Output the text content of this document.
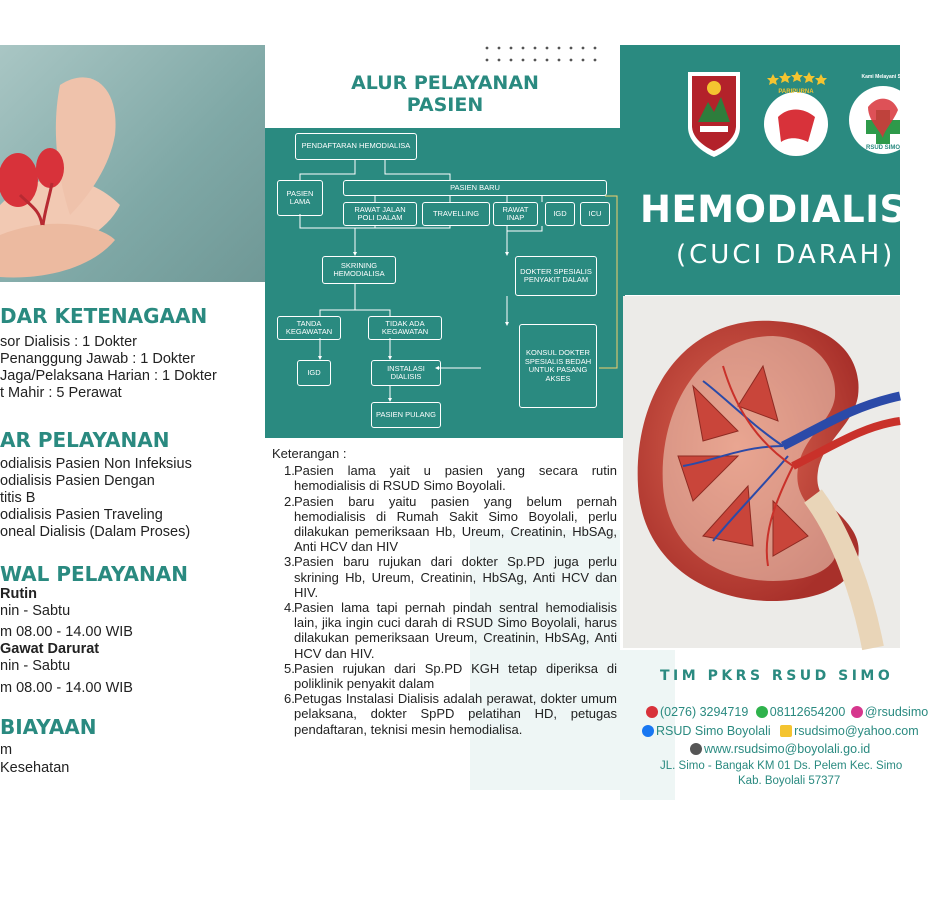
DAR KETENAGAAN
sor Dialisis : 1 Dokter
Penanggung Jawab : 1 Dokter
Jaga/Pelaksana Harian : 1 Dokter
t Mahir : 5 Perawat
AR PELAYANAN
odialisis Pasien Non Infeksius
odialisis Pasien Dengan
titis B
odialisis Pasien Traveling
oneal Dialisis (Dalam Proses)
WAL PELAYANAN
Rutin
nin - Sabtu
m 08.00 - 14.00 WIB
Gawat Darurat
nin - Sabtu
m 08.00 - 14.00 WIB
BIAYAAN
m
Kesehatan
ALUR PELAYANAN
PASIEN
PENDAFTARAN HEMODIALISA
PASIEN LAMA
PASIEN BARU
RAWAT JALAN POLI DALAM	TRAVELLING	RAWAT INAP	IGD	ICU
SKRINING HEMODIALISA	DOKTER SPESIALIS PENYAKIT DALAM
TANDA KEGAWATAN
TIDAK ADA KEGAWATAN
KONSUL DOKTER SPESIALIS BEDAH UNTUK PASANG AKSES
IGD	INSTALASI DIALISIS
PASIEN PULANG
Keterangan :
1. Pasien lama yait u pasien yang secara rutin hemodialisis di RSUD Simo Boyolali.
2. Pasien baru yaitu pasien yang belum pernah hemodialisis di Rumah Sakit Simo Boyolali, perlu dilakukan pemeriksaan Hb, Ureum, Creatinin, HbSAg, Anti HCV dan HIV
3. Pasien baru rujukan dari dokter Sp.PD juga perlu skrining Hb, Ureum, Creatinin, HbSAg, Anti HCV dan HIV.
4. Pasien lama tapi pernah pindah sentral hemodialisis lain, jika ingin cuci darah di RSUD Simo Boyolali, harus dilakukan pemeriksaan Ureum, Creatinin, HbSAg, Anti HCV dan HIV.
5. Pasien rujukan dari Sp.PD KGH tetap diperiksa di poliklinik penyakit dalam
6. Petugas Instalasi Dialisis adalah perawat, dokter umum pelaksana, dokter SpPD pelatihan HD, petugas pendaftaran, teknisi mesin hemodialisa.
PARIPURNA
RSUD SIMO
Kami Melayani Seperti
HEMODIALISIS
(CUCI DARAH)
TIM PKRS RSUD SIMO
(0276) 3294719 08112654200 @rsudsimo
RSUD Simo Boyolali rsudsimo@yahoo.com
www.rsudsimo@boyolali.go.id
JL. Simo - Bangak KM 01 Ds. Pelem Kec. Simo
Kab. Boyolali 57377
